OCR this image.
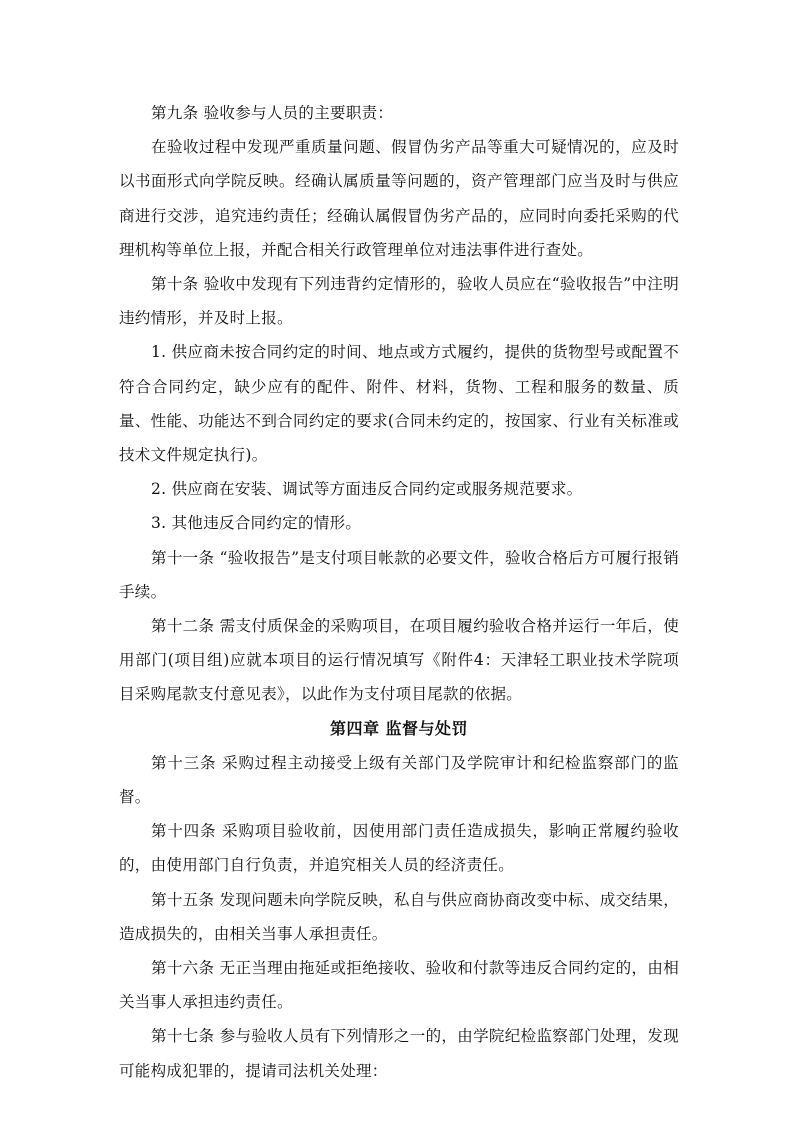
第九条 验收参与人员的主要职责：

在验收过程中发现严重质量问题、假冒伪劣产品等重大可疑情况的，应及时以书面形式向学院反映。经确认属质量等问题的，资产管理部门应当及时与供应商进行交涉，追究违约责任；经确认属假冒伪劣产品的，应同时向委托采购的代理机构等单位上报，并配合相关行政管理单位对违法事件进行查处。

第十条 验收中发现有下列违背约定情形的，验收人员应在“验收报告”中注明违约情形，并及时上报。

1. 供应商未按合同约定的时间、地点或方式履约，提供的货物型号或配置不符合合同约定，缺少应有的配件、附件、材料，货物、工程和服务的数量、质量、性能、功能达不到合同约定的要求(合同未约定的，按国家、行业有关标准或技术文件规定执行)。

2. 供应商在安装、调试等方面违反合同约定或服务规范要求。

3. 其他违反合同约定的情形。

第十一条 “验收报告”是支付项目帐款的必要文件，验收合格后方可履行报销手续。

第十二条 需支付质保金的采购项目，在项目履约验收合格并运行一年后，使用部门(项目组)应就本项目的运行情况填写《附件4：天津轻工职业技术学院项目采购尾款支付意见表》，以此作为支付项目尾款的依据。

第四章 监督与处罚

第十三条 采购过程主动接受上级有关部门及学院审计和纪检监察部门的监督。

第十四条 采购项目验收前，因使用部门责任造成损失，影响正常履约验收的，由使用部门自行负责，并追究相关人员的经济责任。

第十五条 发现问题未向学院反映，私自与供应商协商改变中标、成交结果，造成损失的，由相关当事人承担责任。

第十六条 无正当理由拖延或拒绝接收、验收和付款等违反合同约定的，由相关当事人承担违约责任。

第十七条 参与验收人员有下列情形之一的，由学院纪检监察部门处理，发现可能构成犯罪的，提请司法机关处理：
